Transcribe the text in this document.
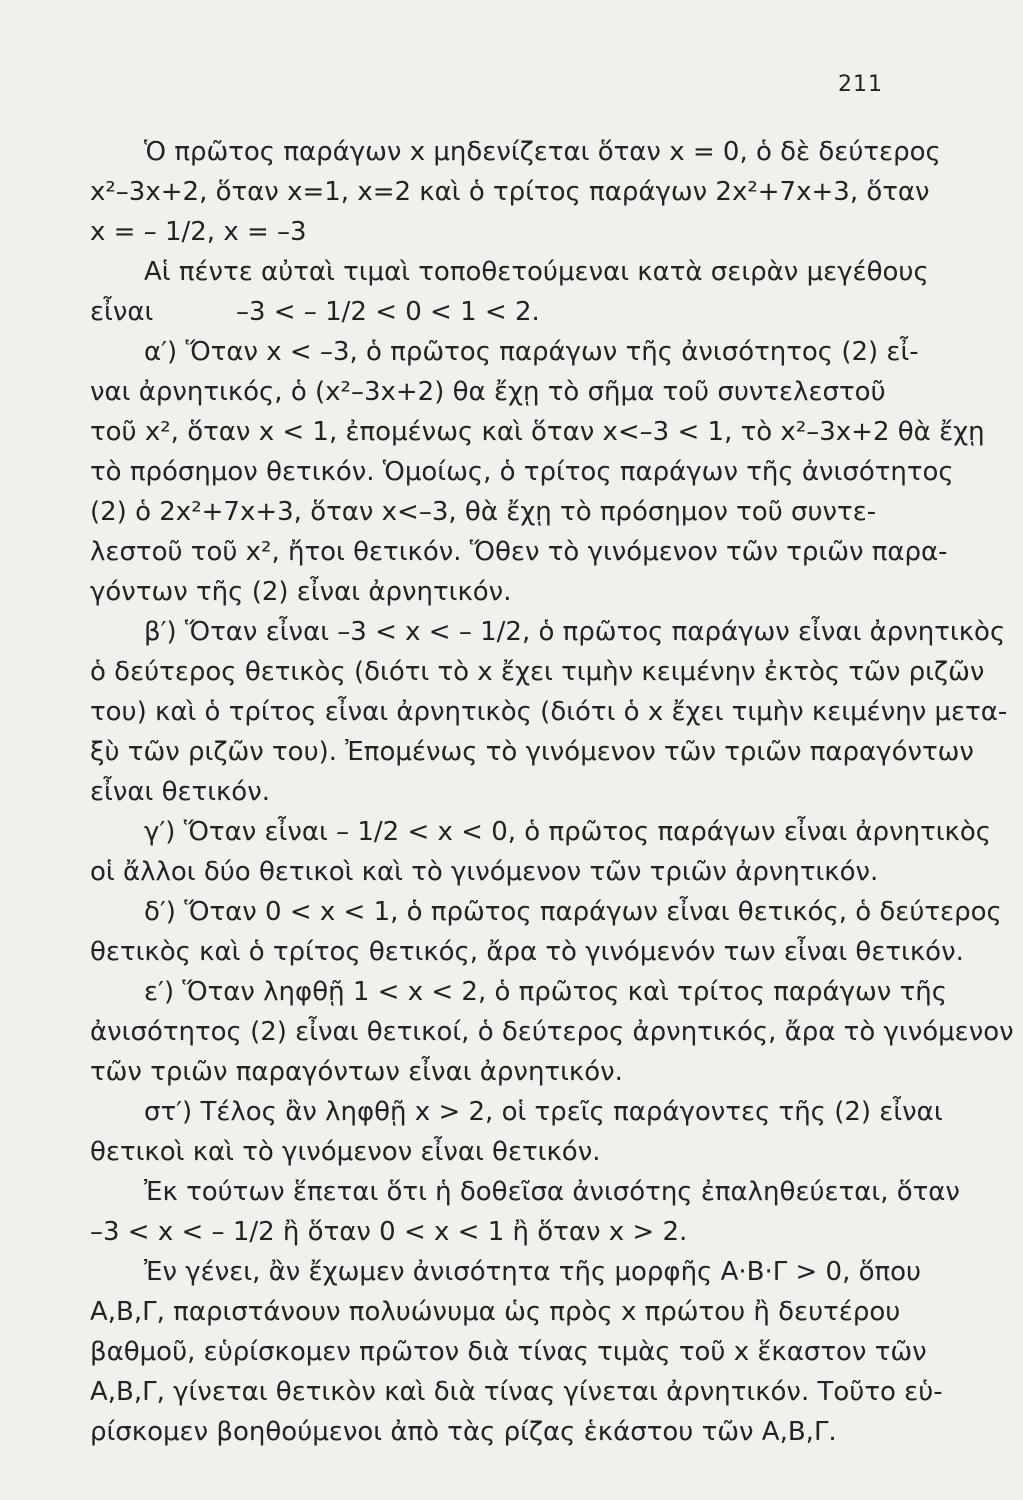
211
Ὁ πρῶτος παράγων x μηδενίζεται ὅταν x = 0, ὁ δὲ δεύτερος
x²–3x+2, ὅταν x=1, x=2 καὶ ὁ τρίτος παράγων 2x²+7x+3, ὅταν
x = – 1/2, x = –3
Αἱ πέντε αὐταὶ τιμαὶ τοποθετούμεναι κατὰ σειρὰν μεγέθους
εἶναι          –3 < – 1/2 < 0 < 1 < 2.
α′) Ὅταν x < –3, ὁ πρῶτος παράγων τῆς ἀνισότητος (2) εἶ-
ναι ἀρνητικός, ὁ (x²–3x+2) θα ἔχῃ τὸ σῆμα τοῦ συντελεστοῦ
τοῦ x², ὅταν x < 1, ἐπομένως καὶ ὅταν x<–3 < 1, τὸ x²–3x+2 θὰ ἔχῃ
τὸ πρόσημον θετικόν. Ὁμοίως, ὁ τρίτος παράγων τῆς ἀνισότητος
(2) ὁ 2x²+7x+3, ὅταν x<–3, θὰ ἔχῃ τὸ πρόσημον τοῦ συντε-
λεστοῦ τοῦ x², ἤτοι θετικόν. Ὅθεν τὸ γινόμενον τῶν τριῶν παρα-
γόντων τῆς (2) εἶναι ἀρνητικόν.
β′) Ὅταν εἶναι –3 < x < – 1/2, ὁ πρῶτος παράγων εἶναι ἀρνητικὸς
ὁ δεύτερος θετικὸς (διότι τὸ x ἔχει τιμὴν κειμένην ἐκτὸς τῶν ριζῶν
του) καὶ ὁ τρίτος εἶναι ἀρνητικὸς (διότι ὁ x ἔχει τιμὴν κειμένην μετα-
ξὺ τῶν ριζῶν του). Ἐπομένως τὸ γινόμενον τῶν τριῶν παραγόντων
εἶναι θετικόν.
γ′) Ὅταν εἶναι – 1/2 < x < 0, ὁ πρῶτος παράγων εἶναι ἀρνητικὸς
οἱ ἄλλοι δύο θετικοὶ καὶ τὸ γινόμενον τῶν τριῶν ἀρνητικόν.
δ′) Ὅταν 0 < x < 1, ὁ πρῶτος παράγων εἶναι θετικός, ὁ δεύτερος
θετικὸς καὶ ὁ τρίτος θετικός, ἄρα τὸ γινόμενόν των εἶναι θετικόν.
ε′) Ὅταν ληφθῇ 1 < x < 2, ὁ πρῶτος καὶ τρίτος παράγων τῆς
ἀνισότητος (2) εἶναι θετικοί, ὁ δεύτερος ἀρνητικός, ἄρα τὸ γινόμενον
τῶν τριῶν παραγόντων εἶναι ἀρνητικόν.
στ′) Τέλος ἂν ληφθῇ x > 2, οἱ τρεῖς παράγοντες τῆς (2) εἶναι
θετικοὶ καὶ τὸ γινόμενον εἶναι θετικόν.
Ἐκ τούτων ἕπεται ὅτι ἡ δοθεῖσα ἀνισότης ἐπαληθεύεται, ὅταν
–3 < x < – 1/2 ἢ ὅταν 0 < x < 1 ἢ ὅταν x > 2.
Ἐν γένει, ἂν ἔχωμεν ἀνισότητα τῆς μορφῆς Α·Β·Γ > 0, ὅπου
Α,Β,Γ, παριστάνουν πολυώνυμα ὡς πρὸς x πρώτου ἢ δευτέρου
βαθμοῦ, εὑρίσκομεν πρῶτον διὰ τίνας τιμὰς τοῦ x ἕκαστον τῶν
Α,Β,Γ, γίνεται θετικὸν καὶ διὰ τίνας γίνεται ἀρνητικόν. Τοῦτο εὑ-
ρίσκομεν βοηθούμενοι ἀπὸ τὰς ρίζας ἑκάστου τῶν Α,Β,Γ.
